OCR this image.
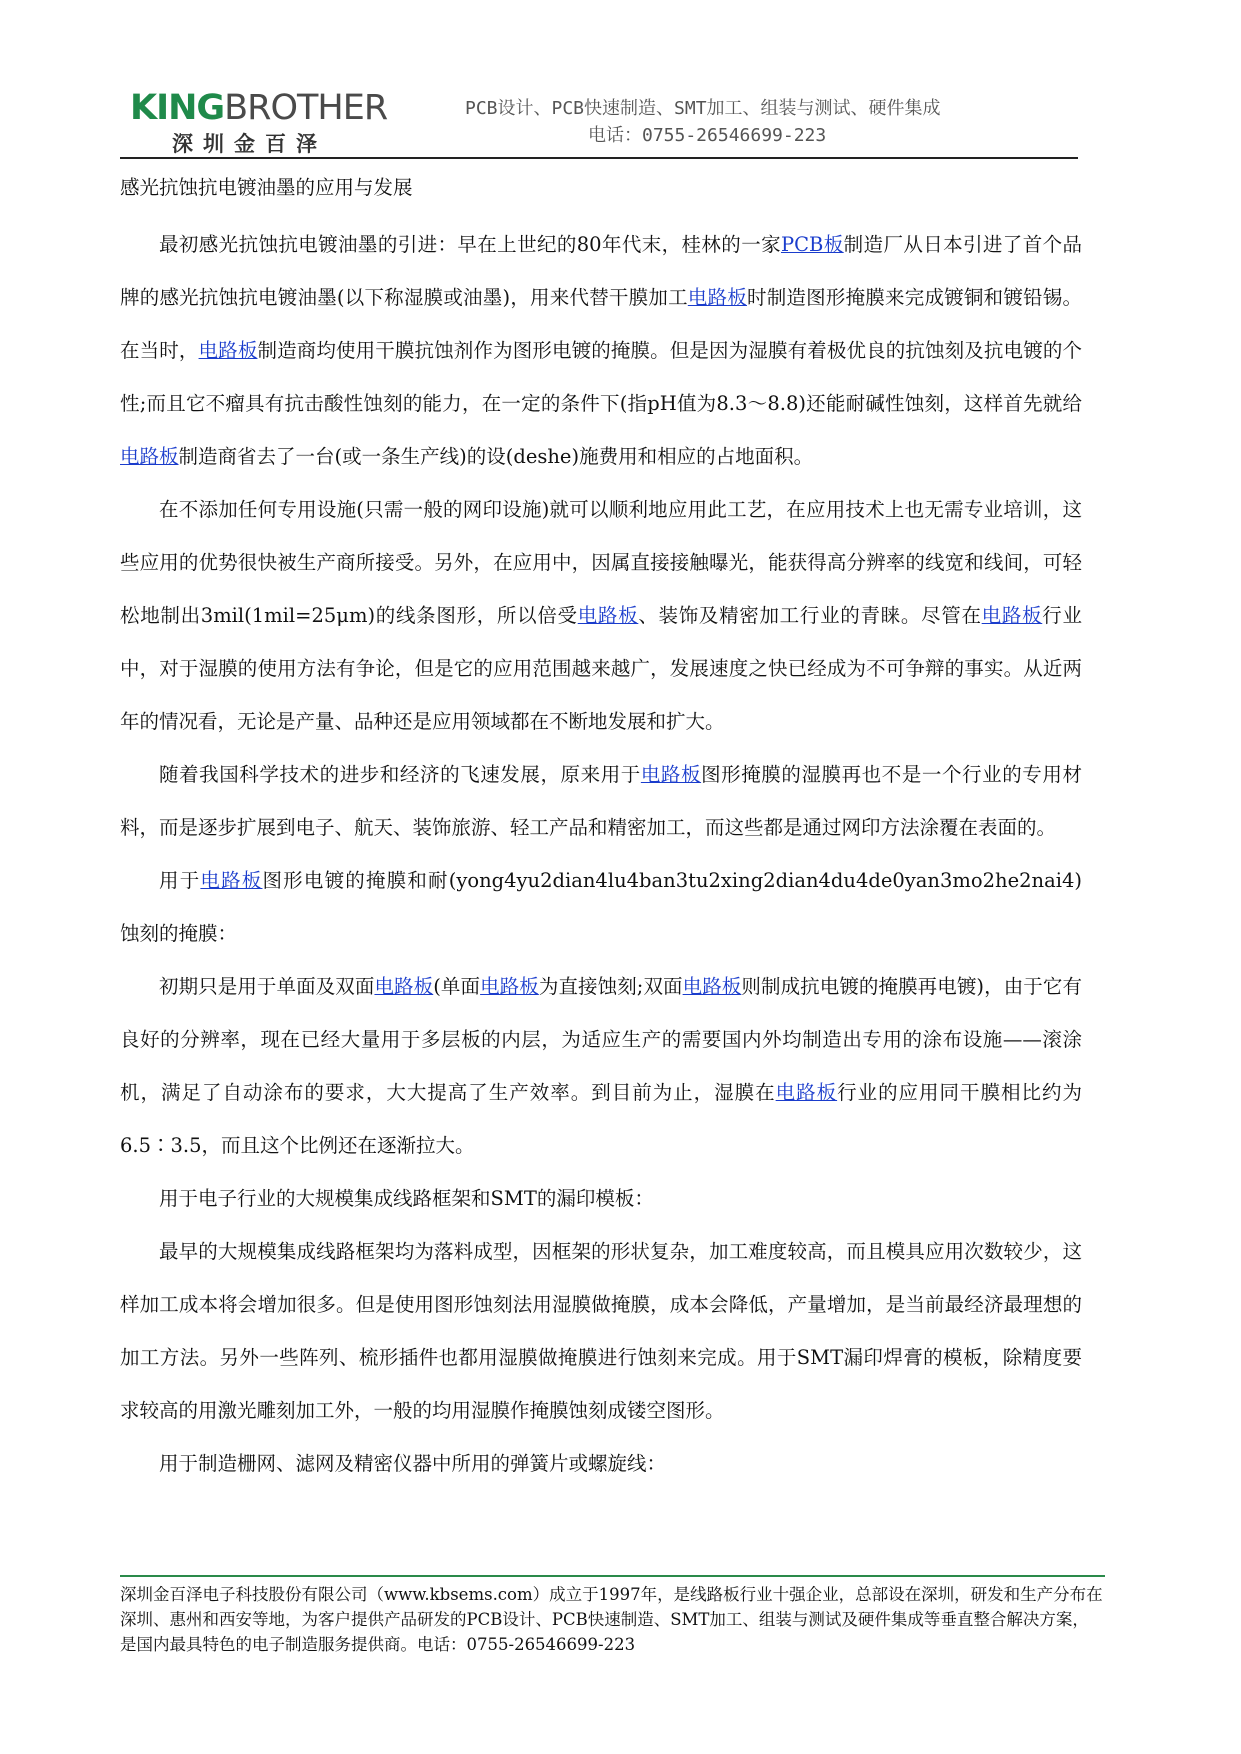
KINGBROTHER
深圳金百泽
PCB设计、PCB快速制造、SMT加工、组装与测试、硬件集成
电话：0755-26546699-223

感光抗蚀抗电镀油墨的应用与发展

最初感光抗蚀抗电镀油墨的引进：早在上世纪的80年代末，桂林的一家PCB板制造厂从日本引进了首个品牌的感光抗蚀抗电镀油墨(以下称湿膜或油墨)，用来代替干膜加工电路板时制造图形掩膜来完成镀铜和镀铅锡。在当时，电路板制造商均使用干膜抗蚀剂作为图形电镀的掩膜。但是因为湿膜有着极优良的抗蚀刻及抗电镀的个性;而且它不瘤具有抗击酸性蚀刻的能力，在一定的条件下(指pH值为8.3～8.8)还能耐碱性蚀刻，这样首先就给电路板制造商省去了一台(或一条生产线)的设(deshe)施费用和相应的占地面积。

在不添加任何专用设施(只需一般的网印设施)就可以顺利地应用此工艺，在应用技术上也无需专业培训，这些应用的优势很快被生产商所接受。另外，在应用中，因属直接接触曝光，能获得高分辨率的线宽和线间，可轻松地制出3mil(1mil=25μm)的线条图形，所以倍受电路板、装饰及精密加工行业的青睐。尽管在电路板行业中，对于湿膜的使用方法有争论，但是它的应用范围越来越广，发展速度之快已经成为不可争辩的事实。从近两年的情况看，无论是产量、品种还是应用领域都在不断地发展和扩大。

随着我国科学技术的进步和经济的飞速发展，原来用于电路板图形掩膜的湿膜再也不是一个行业的专用材料，而是逐步扩展到电子、航天、装饰旅游、轻工产品和精密加工，而这些都是通过网印方法涂覆在表面的。

用于电路板图形电镀的掩膜和耐(yong4yu2dian4lu4ban3tu2xing2dian4du4de0yan3mo2he2nai4)蚀刻的掩膜：

初期只是用于单面及双面电路板(单面电路板为直接蚀刻;双面电路板则制成抗电镀的掩膜再电镀)，由于它有良好的分辨率，现在已经大量用于多层板的内层，为适应生产的需要国内外均制造出专用的涂布设施——滚涂机，满足了自动涂布的要求，大大提高了生产效率。到目前为止，湿膜在电路板行业的应用同干膜相比约为6.5∶3.5，而且这个比例还在逐渐拉大。

用于电子行业的大规模集成线路框架和SMT的漏印模板：

最早的大规模集成线路框架均为落料成型，因框架的形状复杂，加工难度较高，而且模具应用次数较少，这样加工成本将会增加很多。但是使用图形蚀刻法用湿膜做掩膜，成本会降低，产量增加，是当前最经济最理想的加工方法。另外一些阵列、梳形插件也都用湿膜做掩膜进行蚀刻来完成。用于SMT漏印焊膏的模板，除精度要求较高的用激光雕刻加工外，一般的均用湿膜作掩膜蚀刻成镂空图形。

用于制造栅网、滤网及精密仪器中所用的弹簧片或螺旋线：

深圳金百泽电子科技股份有限公司（www.kbsems.com）成立于1997年，是线路板行业十强企业，总部设在深圳，研发和生产分布在深圳、惠州和西安等地，为客户提供产品研发的PCB设计、PCB快速制造、SMT加工、组装与测试及硬件集成等垂直整合解决方案，是国内最具特色的电子制造服务提供商。电话：0755-26546699-223
